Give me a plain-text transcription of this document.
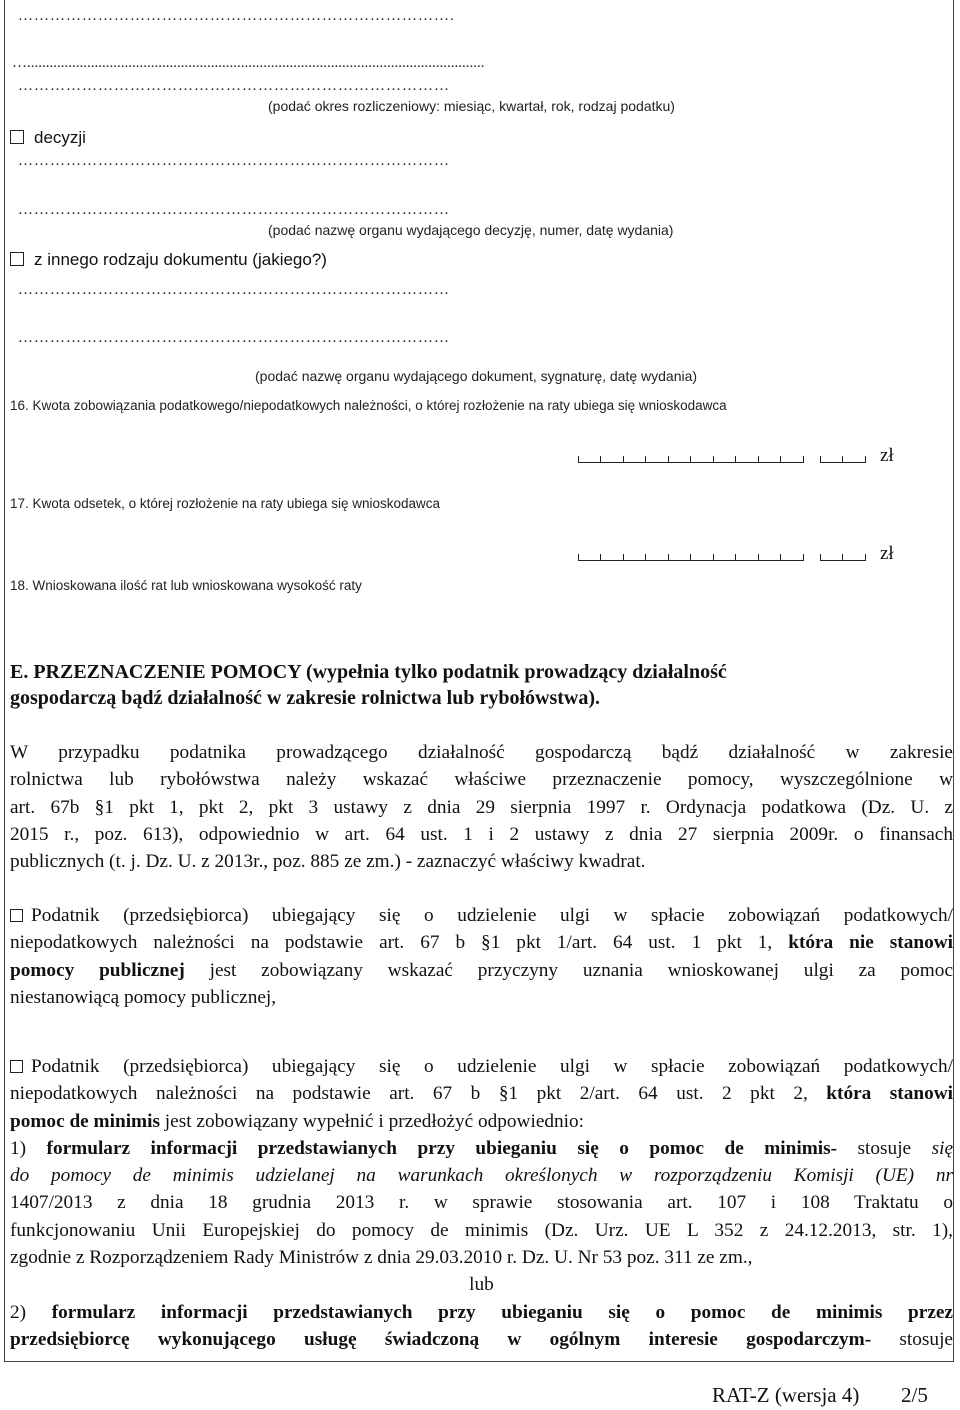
……………………………………………………………………….
…..........................................................................................................................
………………………………………………………………………
(podać okres rozliczeniowy: miesiąc, kwartał, rok, rodzaj podatku)
decyzji
………………………………………………………………………
………………………………………………………………………
(podać nazwę organu wydającego decyzję, numer, datę wydania)
z innego rodzaju dokumentu (jakiego?)
………………………………………………………………………
………………………………………………………………………
(podać nazwę organu wydającego dokument, sygnaturę, datę wydania)
16. Kwota zobowiązania podatkowego/niepodatkowych należności, o której rozłożenie na raty ubiega się wnioskodawca
zł
17. Kwota odsetek, o której rozłożenie na raty ubiega się wnioskodawca
zł
18. Wnioskowana ilość rat lub wnioskowana wysokość raty
E. PRZEZNACZENIE POMOCY (wypełnia tylko podatnik prowadzący działalność
gospodarczą bądź działalność w zakresie rolnictwa lub rybołówstwa).
W przypadku podatnika prowadzącego działalność gospodarczą bądź działalność w zakresie
rolnictwa lub rybołówstwa należy wskazać właściwe przeznaczenie pomocy, wyszczególnione w
art. 67b §1 pkt 1, pkt 2, pkt 3 ustawy z dnia 29 sierpnia 1997 r. Ordynacja podatkowa (Dz. U. z
2015 r., poz. 613), odpowiednio w art. 64 ust. 1 i 2 ustawy z dnia 27 sierpnia 2009r. o finansach
publicznych (t. j. Dz. U. z 2013r., poz. 885 ze zm.) - zaznaczyć właściwy kwadrat.
Podatnik (przedsiębiorca) ubiegający się o udzielenie ulgi w spłacie zobowiązań podatkowych/
niepodatkowych należności na podstawie art. 67 b §1 pkt 1/art. 64 ust. 1 pkt 1, która nie stanowi
pomocy publicznej jest zobowiązany wskazać przyczyny uznania wnioskowanej ulgi za pomoc
niestanowiącą pomocy publicznej,
Podatnik (przedsiębiorca) ubiegający się o udzielenie ulgi w spłacie zobowiązań podatkowych/
niepodatkowych należności na podstawie art. 67 b §1 pkt 2/art. 64 ust. 2 pkt 2, która stanowi
pomoc de minimis jest zobowiązany wypełnić i przedłożyć odpowiednio:
1) formularz informacji przedstawianych przy ubieganiu się o pomoc de minimis- stosuje się
do pomocy de minimis udzielanej na warunkach określonych w rozporządzeniu Komisji (UE) nr
1407/2013 z dnia 18 grudnia 2013 r. w sprawie stosowania art. 107 i 108 Traktatu o
funkcjonowaniu Unii Europejskiej do pomocy de minimis (Dz. Urz. UE L 352 z 24.12.2013, str. 1),
zgodnie z Rozporządzeniem Rady Ministrów z dnia 29.03.2010 r. Dz. U. Nr 53 poz. 311 ze zm.,
lub
2) formularz informacji przedstawianych przy ubieganiu się o pomoc de minimis przez
przedsiębiorcę wykonującego usługę świadczoną w ogólnym interesie gospodarczym- stosuje
RAT-Z (wersja 4) 2/5
